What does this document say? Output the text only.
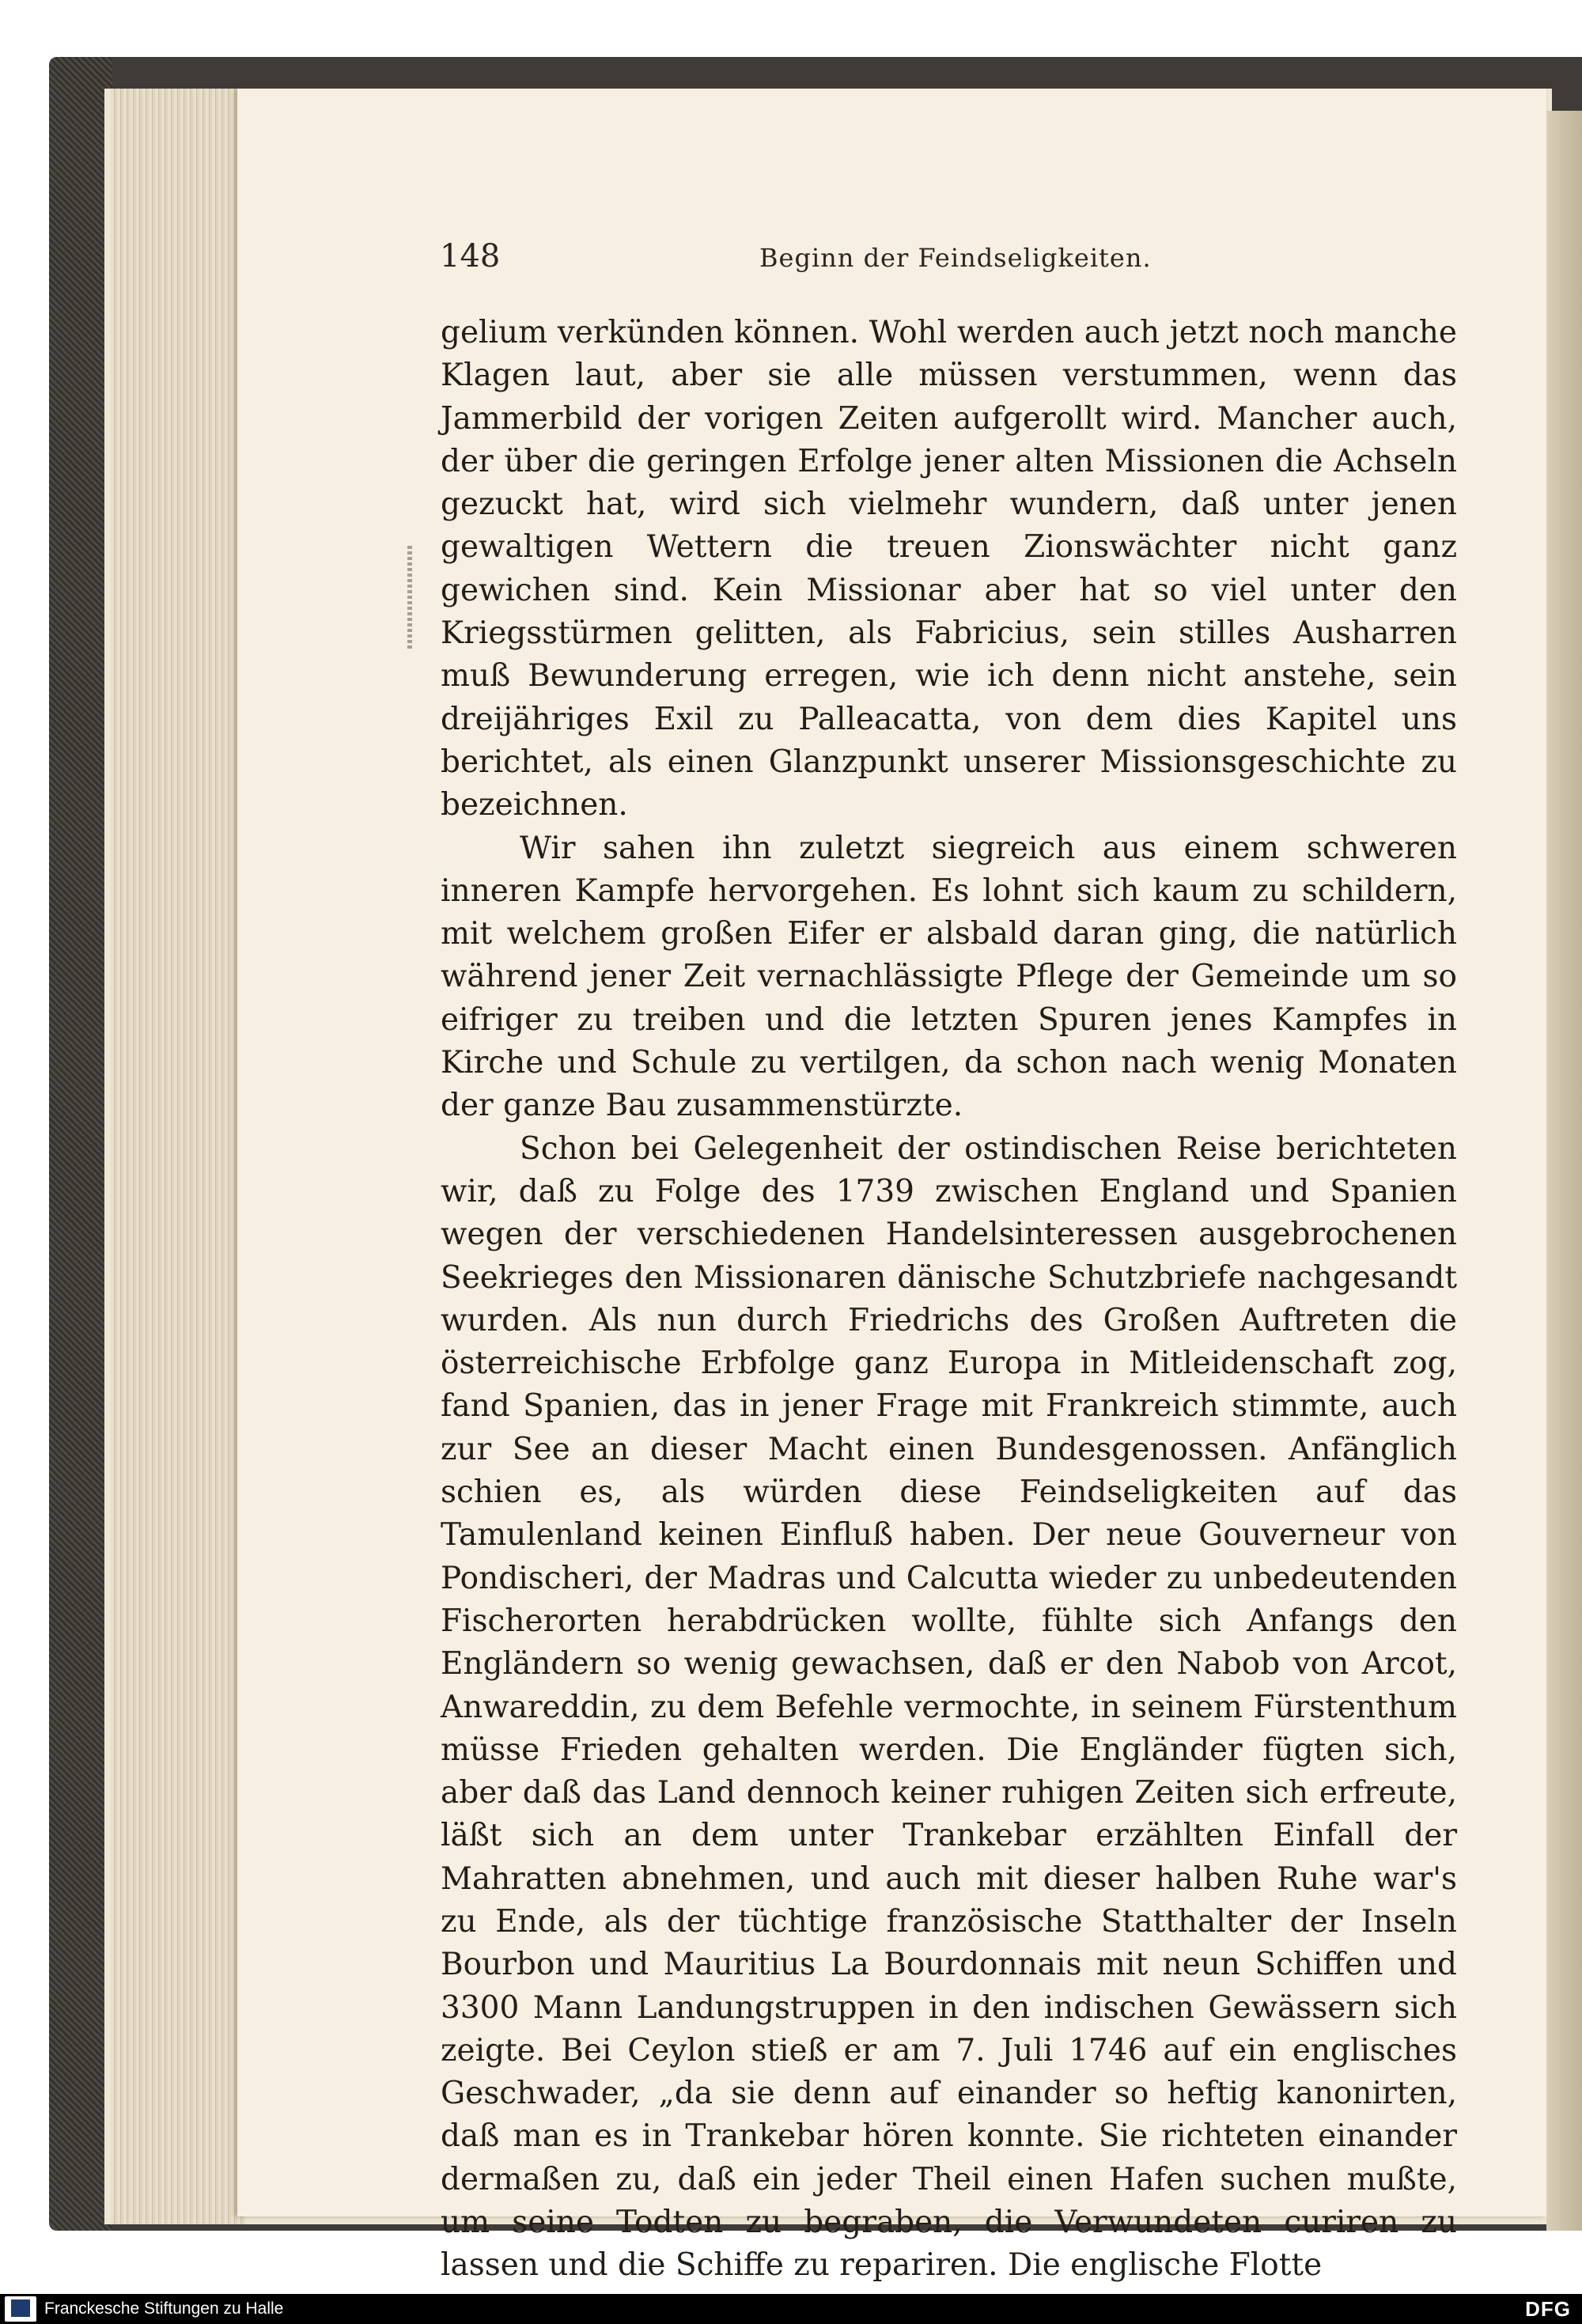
148	Beginn der Feindseligkeiten.

gelium verkünden können. Wohl werden auch jetzt noch manche Klagen laut, aber sie alle müssen verstummen, wenn das Jammerbild der vorigen Zeiten aufgerollt wird. Mancher auch, der über die geringen Erfolge jener alten Missionen die Achseln gezuckt hat, wird sich vielmehr wundern, daß unter jenen gewaltigen Wettern die treuen Zionswächter nicht ganz gewichen sind. Kein Missionar aber hat so viel unter den Kriegsstürmen gelitten, als Fabricius, sein stilles Ausharren muß Bewunderung erregen, wie ich denn nicht anstehe, sein dreijähriges Exil zu Palleacatta, von dem dies Kapitel uns berichtet, als einen Glanzpunkt unserer Missionsgeschichte zu bezeichnen.

Wir sahen ihn zuletzt siegreich aus einem schweren inneren Kampfe hervorgehen. Es lohnt sich kaum zu schildern, mit welchem großen Eifer er alsbald daran ging, die natürlich während jener Zeit vernachlässigte Pflege der Gemeinde um so eifriger zu treiben und die letzten Spuren jenes Kampfes in Kirche und Schule zu vertilgen, da schon nach wenig Monaten der ganze Bau zusammenstürzte.

Schon bei Gelegenheit der ostindischen Reise berichteten wir, daß zu Folge des 1739 zwischen England und Spanien wegen der verschiedenen Handelsinteressen ausgebrochenen Seekrieges den Missionaren dänische Schutzbriefe nachgesandt wurden. Als nun durch Friedrichs des Großen Auftreten die österreichische Erbfolge ganz Europa in Mitleidenschaft zog, fand Spanien, das in jener Frage mit Frankreich stimmte, auch zur See an dieser Macht einen Bundesgenossen. Anfänglich schien es, als würden diese Feindseligkeiten auf das Tamulenland keinen Einfluß haben. Der neue Gouverneur von Pondischeri, der Madras und Calcutta wieder zu unbedeutenden Fischerorten herabdrücken wollte, fühlte sich Anfangs den Engländern so wenig gewachsen, daß er den Nabob von Arcot, Anwareddin, zu dem Befehle vermochte, in seinem Fürstenthum müsse Frieden gehalten werden. Die Engländer fügten sich, aber daß das Land dennoch keiner ruhigen Zeiten sich erfreute, läßt sich an dem unter Trankebar erzählten Einfall der Mahratten abnehmen, und auch mit dieser halben Ruhe war's zu Ende, als der tüchtige französische Statthalter der Inseln Bourbon und Mauritius La Bourdonnais mit neun Schiffen und 3300 Mann Landungstruppen in den indischen Gewässern sich zeigte. Bei Ceylon stieß er am 7. Juli 1746 auf ein englisches Geschwader, „da sie denn auf einander so heftig kanonirten, daß man es in Trankebar hören konnte. Sie richteten einander dermaßen zu, daß ein jeder Theil einen Hafen suchen mußte, um seine Todten zu begraben, die Verwundeten curiren zu lassen und die Schiffe zu repariren. Die englische Flotte

Franckesche Stiftungen zu Halle	DFG
